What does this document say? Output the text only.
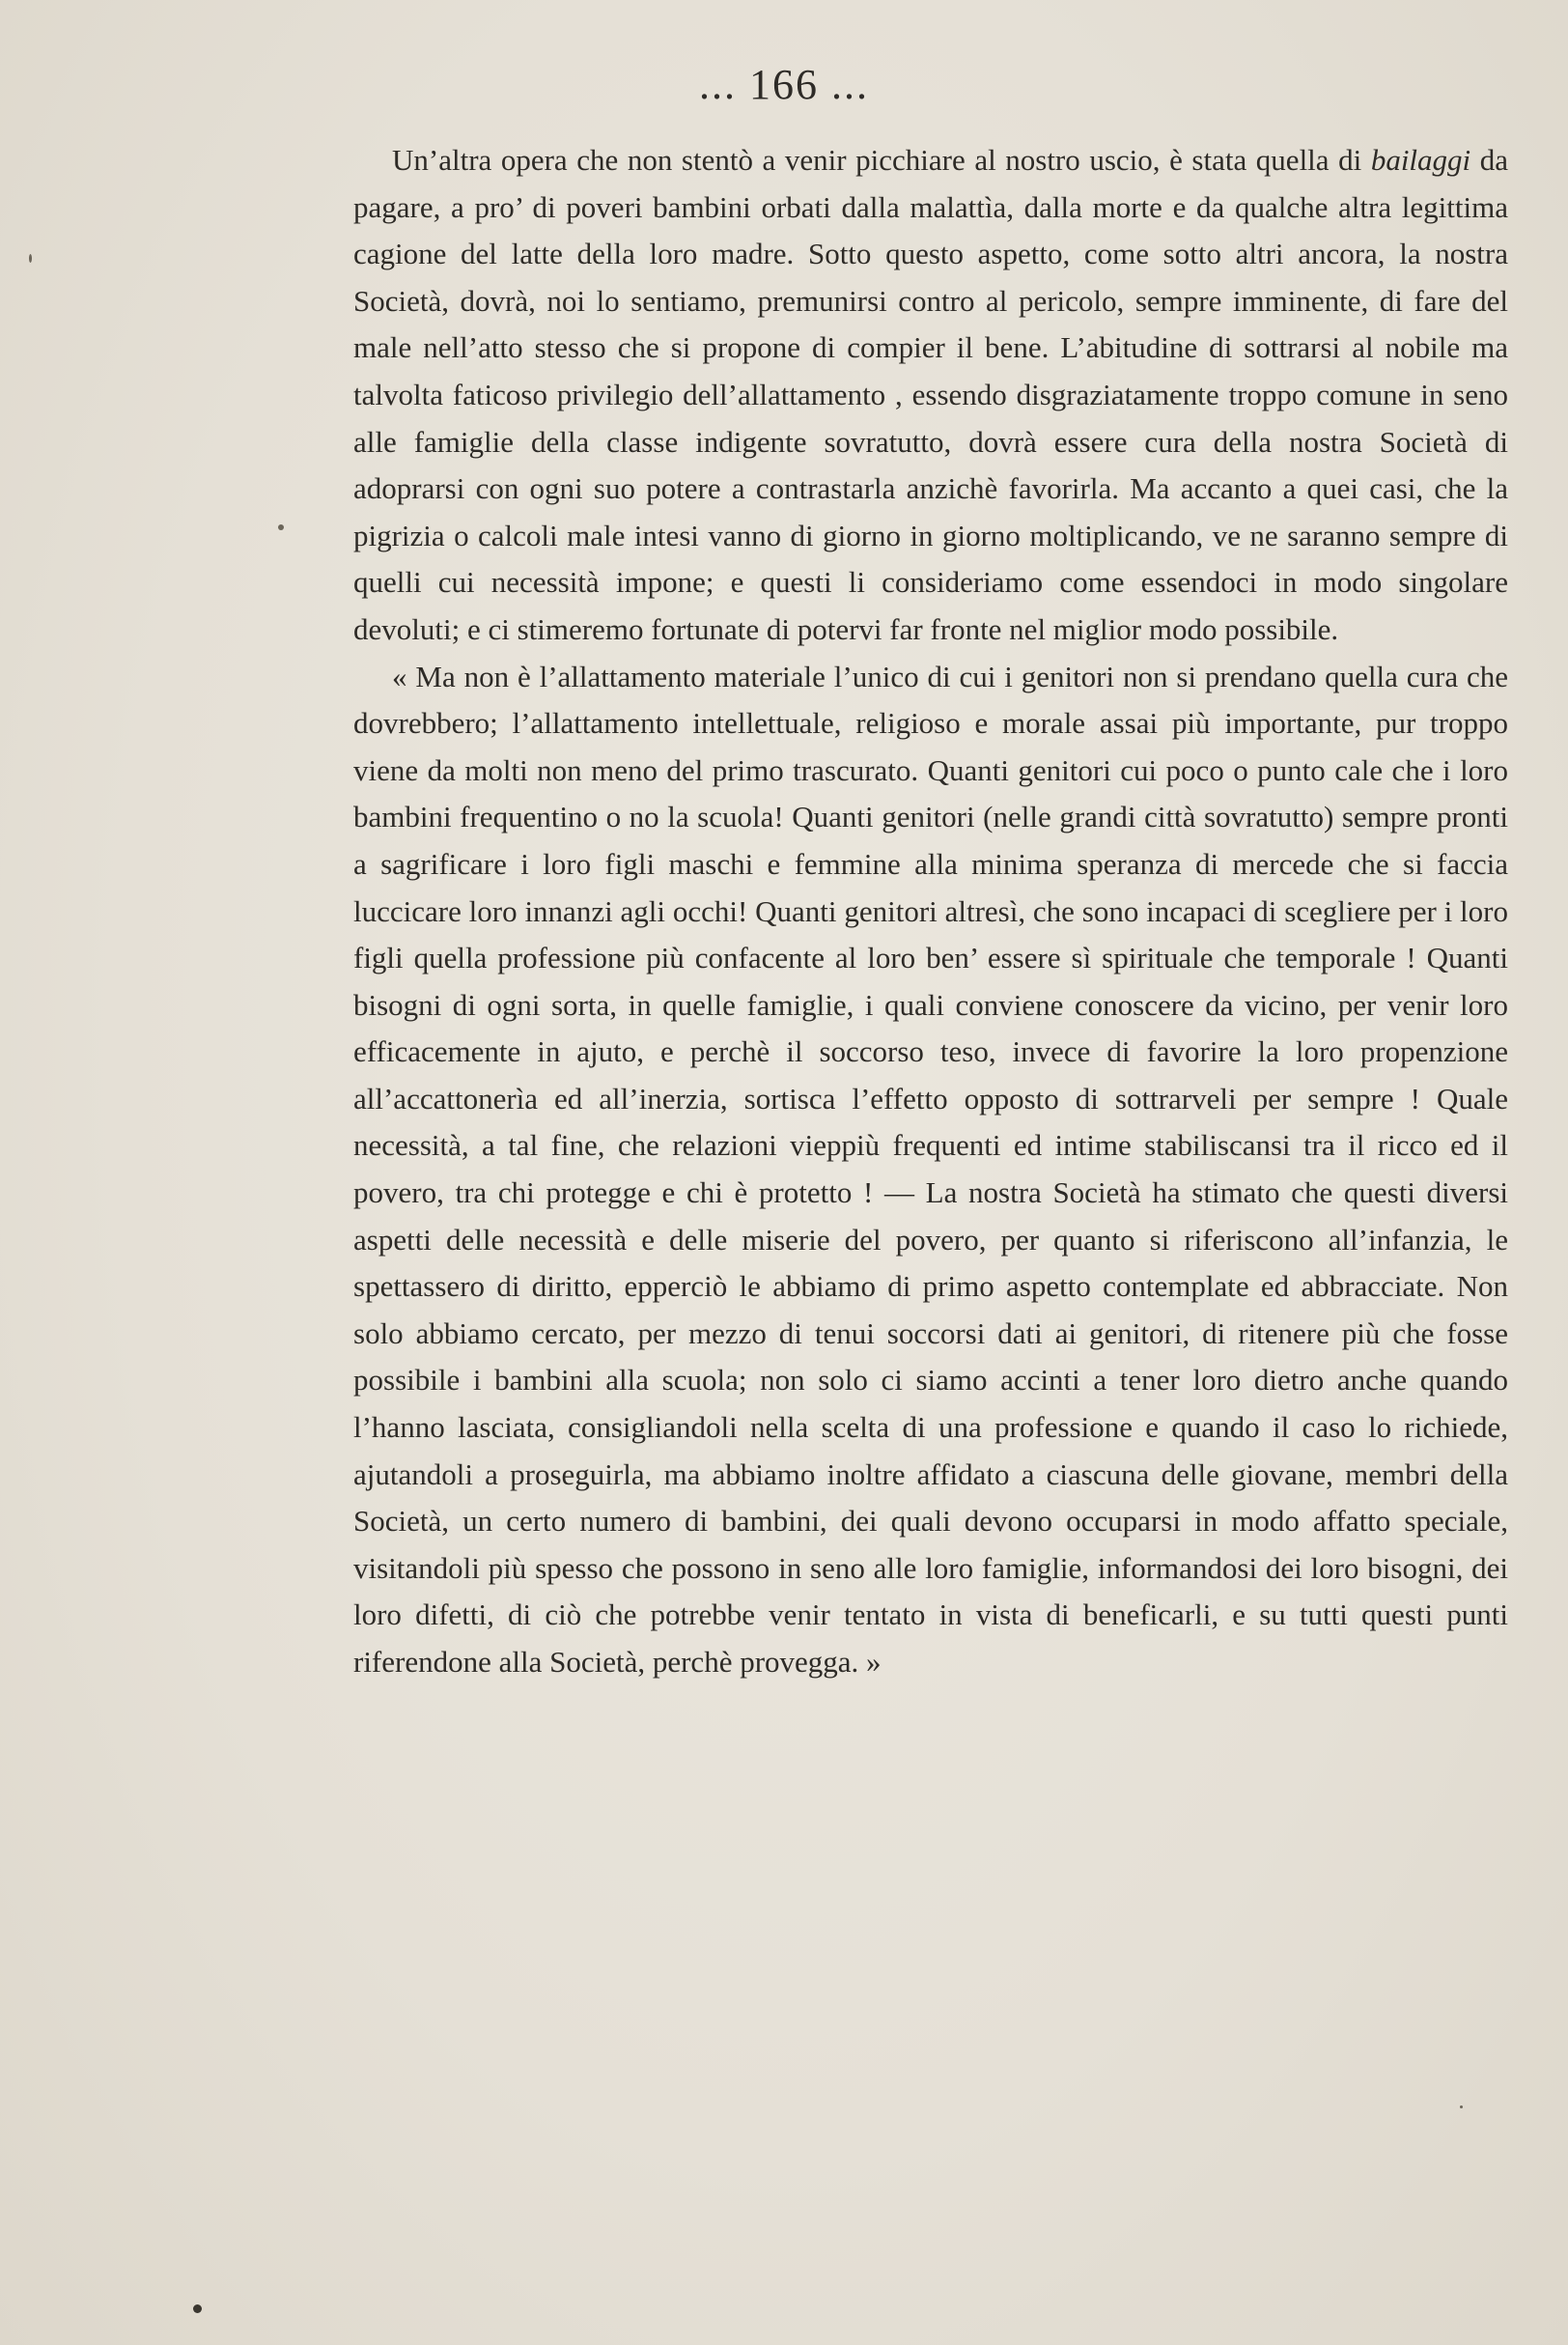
... 166 ...

Un’altra opera che non stentò a venir picchiare al nostro uscio, è stata quella di bailaggi da pagare, a pro’ di poveri bambini orbati dalla malattìa, dalla morte e da qualche altra legittima cagione del latte della loro madre. Sotto questo aspetto, come sotto altri ancora, la nostra Società, dovrà, noi lo sentiamo, premunirsi contro al pericolo, sempre imminente, di fare del male nell’atto stesso che si propone di compier il bene. L’abitudine di sottrarsi al nobile ma talvolta faticoso privilegio dell’allattamento , essendo disgraziatamente troppo comune in seno alle famiglie della classe indigente sovratutto, dovrà essere cura della nostra Società di adoprarsi con ogni suo potere a contrastarla anzichè favorirla. Ma accanto a quei casi, che la pigrizia o calcoli male intesi vanno di giorno in giorno moltiplicando, ve ne saranno sempre di quelli cui necessità impone; e questi li consideriamo come essendoci in modo singolare devoluti; e ci stimeremo fortunate di potervi far fronte nel miglior modo possibile.

« Ma non è l’allattamento materiale l’unico di cui i genitori non si prendano quella cura che dovrebbero; l’allattamento intellettuale, religioso e morale assai più importante, pur troppo viene da molti non meno del primo trascurato. Quanti genitori cui poco o punto cale che i loro bambini frequentino o no la scuola! Quanti genitori (nelle grandi città sovratutto) sempre pronti a sagrificare i loro figli maschi e femmine alla minima speranza di mercede che si faccia luccicare loro innanzi agli occhi! Quanti genitori altresì, che sono incapaci di scegliere per i loro figli quella professione più confacente al loro ben’ essere sì spirituale che temporale ! Quanti bisogni di ogni sorta, in quelle famiglie, i quali conviene conoscere da vicino, per venir loro efficacemente in ajuto, e perchè il soccorso teso, invece di favorire la loro propenzione all’accattonerìa ed all’inerzia, sortisca l’effetto opposto di sottrarveli per sempre ! Quale necessità, a tal fine, che relazioni vieppiù frequenti ed intime stabiliscansi tra il ricco ed il povero, tra chi protegge e chi è protetto ! — La nostra Società ha stimato che questi diversi aspetti delle necessità e delle miserie del povero, per quanto si riferiscono all’infanzia, le spettassero di diritto, epperciò le abbiamo di primo aspetto contemplate ed abbracciate. Non solo abbiamo cercato, per mezzo di tenui soccorsi dati ai genitori, di ritenere più che fosse possibile i bambini alla scuola; non solo ci siamo accinti a tener loro dietro anche quando l’hanno lasciata, consigliandoli nella scelta di una professione e quando il caso lo richiede, ajutandoli a proseguirla, ma abbiamo inoltre affidato a ciascuna delle giovane, membri della Società, un certo numero di bambini, dei quali devono occuparsi in modo affatto speciale, visitandoli più spesso che possono in seno alle loro famiglie, informandosi dei loro bisogni, dei loro difetti, di ciò che potrebbe venir tentato in vista di beneficarli, e su tutti questi punti riferendone alla Società, perchè provegga. »
